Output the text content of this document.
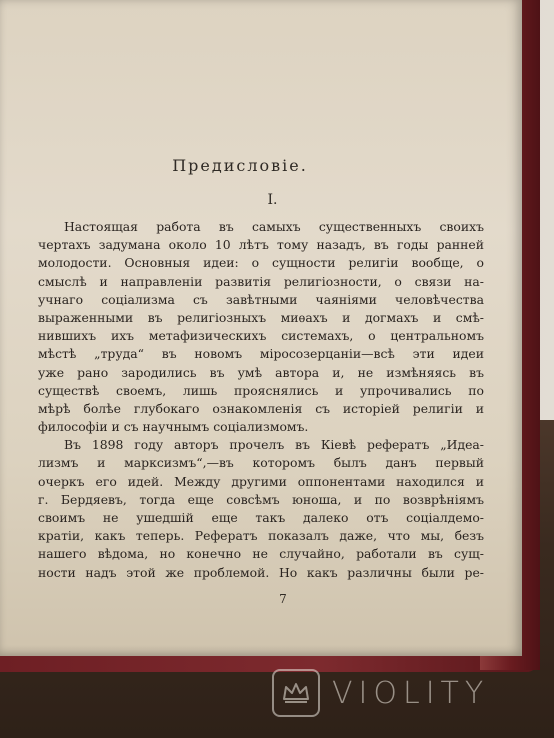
Предисловіе.
I.
Настоящая работа въ самыхъ существенныхъ своихъ
чертахъ задумана около 10 лѣтъ тому назадъ, въ годы ранней
молодости. Основныя идеи: о сущности религіи вообще, о
смыслѣ и направленіи развитія религіозности, о связи на-
учнаго соціализма съ завѣтными чаяніями человѣчества
выраженными въ религіозныхъ миѳахъ и догмахъ и смѣ-
нившихъ ихъ метафизическихъ системахъ, о центральномъ
мѣстѣ „труда“ въ новомъ міросозерцаніи—всѣ эти идеи
уже рано зародились въ умѣ автора и, не измѣняясь въ
существѣ своемъ, лишь прояснялись и упрочивались по
мѣрѣ болѣе глубокаго ознакомленія съ исторіей религіи и
философіи и съ научнымъ соціализмомъ.
Въ 1898 году авторъ прочелъ въ Кіевѣ рефератъ „Идеа-
лизмъ и марксизмъ“,—въ которомъ былъ данъ первый
очеркъ его идей. Между другими оппонентами находился и
г. Бердяевъ, тогда еще совсѣмъ юноша, и по возврѣніямъ
своимъ не ушедшій еще такъ далеко отъ соціалдемо-
кратіи, какъ теперь. Рефератъ показалъ даже, что мы, безъ
нашего вѣдома, но конечно не случайно, работали въ сущ-
ности надъ этой же проблемой. Но какъ различны были ре-
7
VIOLITY
